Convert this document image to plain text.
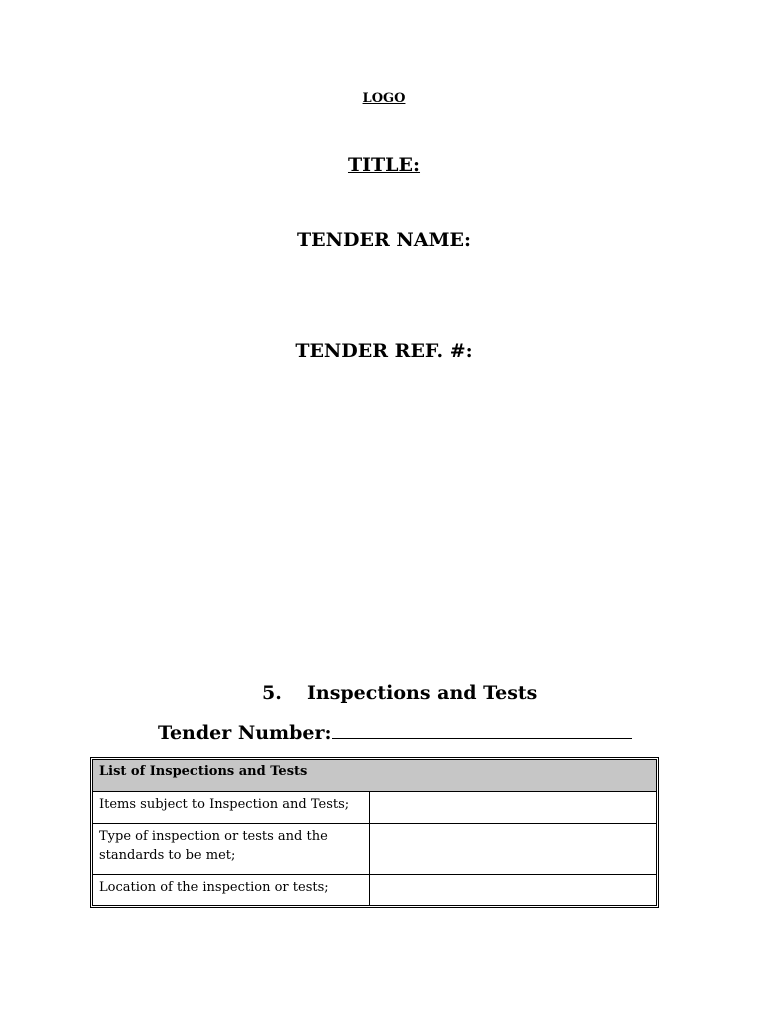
LOGO
TITLE:
TENDER NAME:
TENDER REF. #:
5. Inspections and Tests
Tender Number:
List of Inspections and Tests
Items subject to Inspection and Tests;
Type of inspection or tests and the standards to be met;
Location of the inspection or tests;
